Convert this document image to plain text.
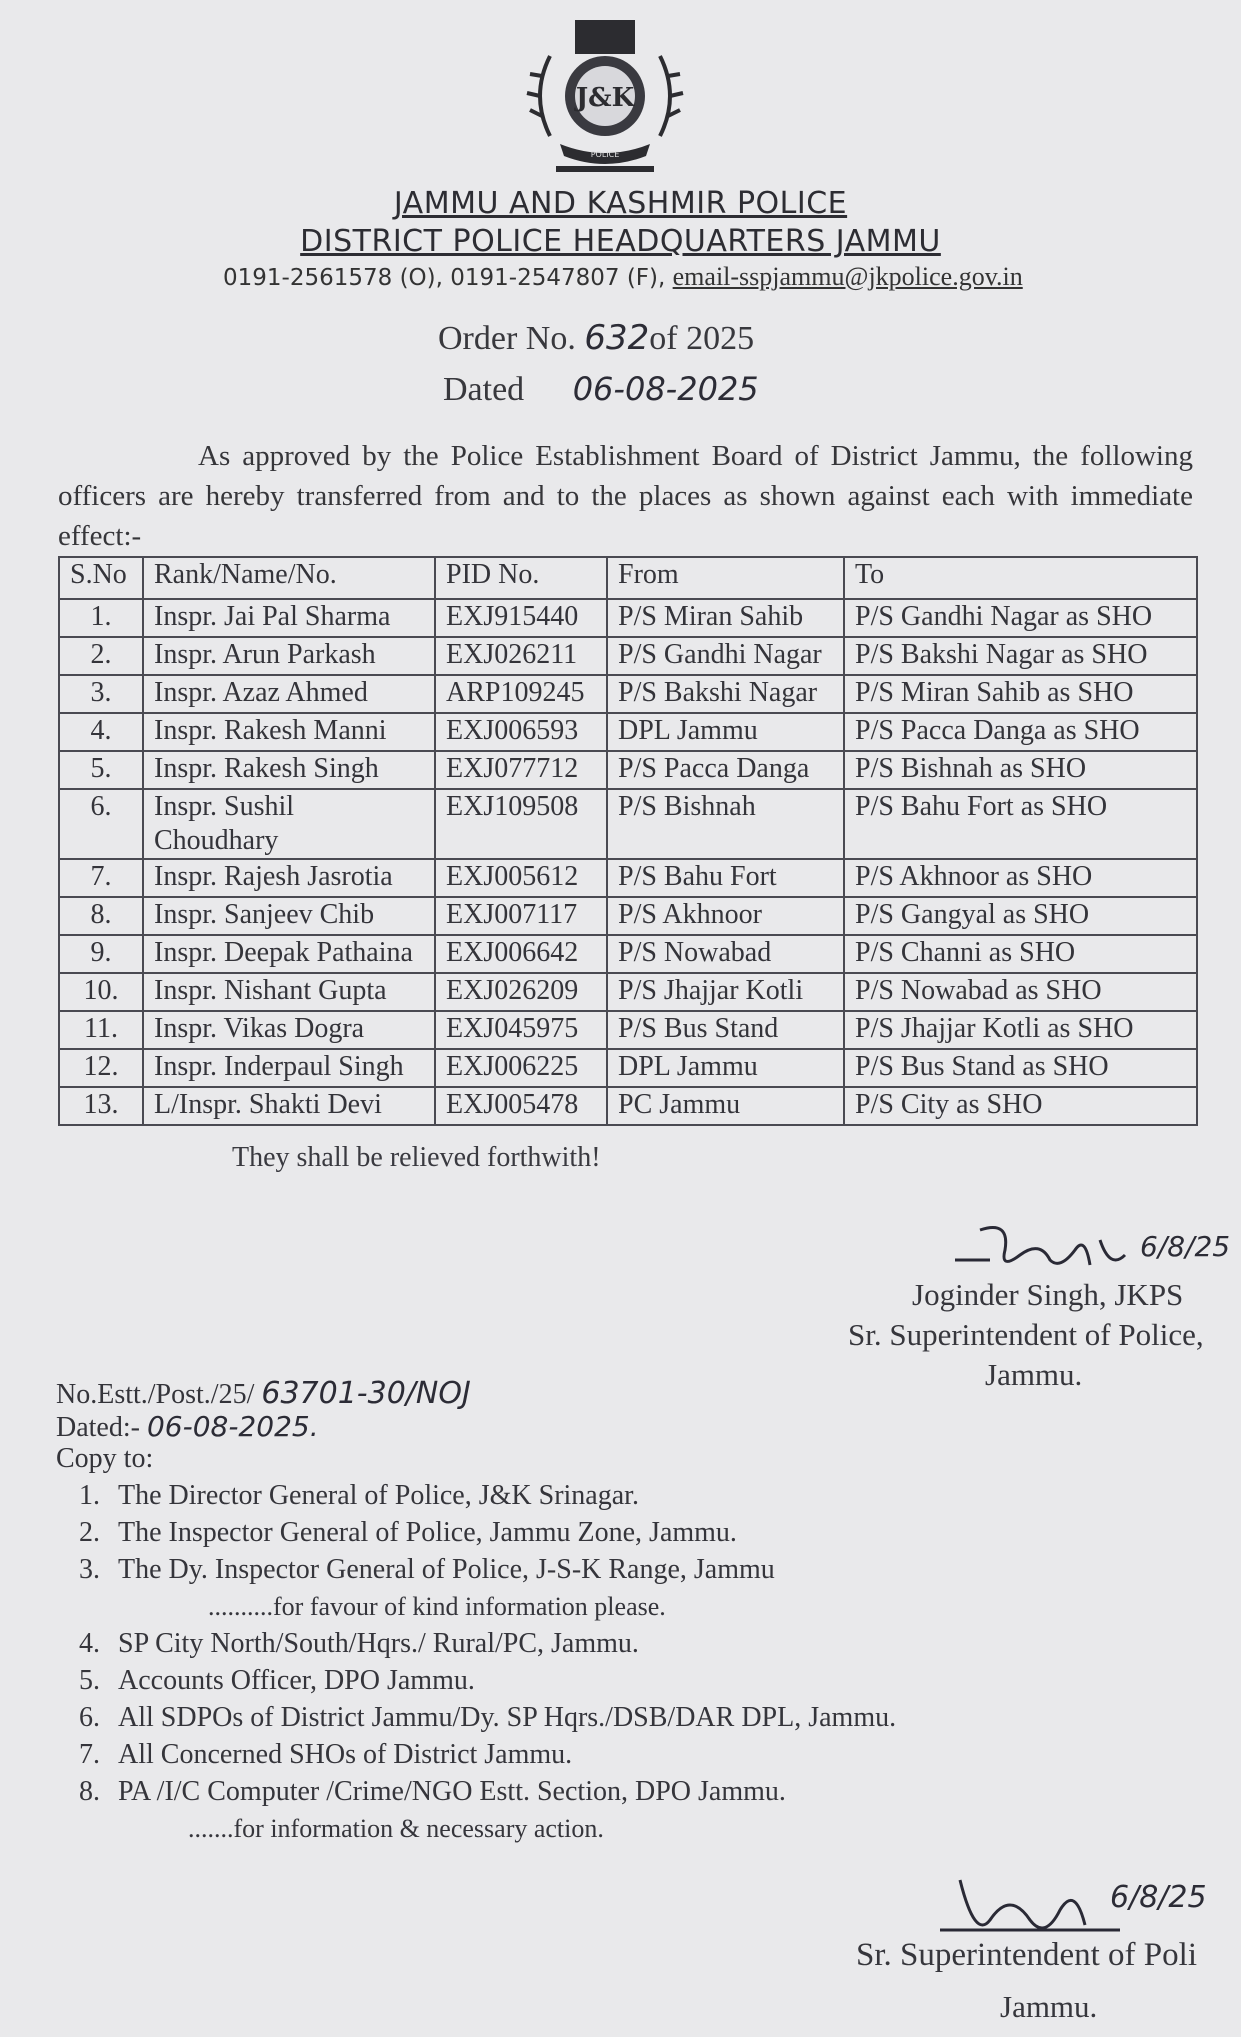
J&K
POLICE
JAMMU AND KASHMIR POLICE
DISTRICT POLICE HEADQUARTERS JAMMU
0191-2561578 (O), 0191-2547807 (F), email-sspjammu@jkpolice.gov.in
Order No. 632of 2025
Dated 06-08-2025

As approved by the Police Establishment Board of District Jammu, the following officers are hereby transferred from and to the places as shown against each with immediate effect:-

S.No	Rank/Name/No.	PID No.	From	To
1.	Inspr. Jai Pal Sharma	EXJ915440	P/S Miran Sahib	P/S Gandhi Nagar as SHO
2.	Inspr. Arun Parkash	EXJ026211	P/S Gandhi Nagar	P/S Bakshi Nagar as SHO
3.	Inspr. Azaz Ahmed	ARP109245	P/S Bakshi Nagar	P/S Miran Sahib as SHO
4.	Inspr. Rakesh Manni	EXJ006593	DPL Jammu	P/S Pacca Danga as SHO
5.	Inspr. Rakesh Singh	EXJ077712	P/S Pacca Danga	P/S Bishnah as SHO
6.	Inspr. Sushil Choudhary	EXJ109508	P/S Bishnah	P/S Bahu Fort as SHO
7.	Inspr. Rajesh Jasrotia	EXJ005612	P/S Bahu Fort	P/S Akhnoor as SHO
8.	Inspr. Sanjeev Chib	EXJ007117	P/S Akhnoor	P/S Gangyal as SHO
9.	Inspr. Deepak Pathaina	EXJ006642	P/S Nowabad	P/S Channi as SHO
10.	Inspr. Nishant Gupta	EXJ026209	P/S Jhajjar Kotli	P/S Nowabad as SHO
11.	Inspr. Vikas Dogra	EXJ045975	P/S Bus Stand	P/S Jhajjar Kotli as SHO
12.	Inspr. Inderpaul Singh	EXJ006225	DPL Jammu	P/S Bus Stand as SHO
13.	L/Inspr. Shakti Devi	EXJ005478	PC Jammu	P/S City as SHO
They shall be relieved forthwith!
6/8/25
Joginder Singh, JKPS
Sr. Superintendent of Police,
Jammu.
No.Estt./Post./25/ 63701-30/NOJ
Dated:- 06-08-2025.
Copy to:
1. The Director General of Police, J&K Srinagar.
2. The Inspector General of Police, Jammu Zone, Jammu.
3. The Dy. Inspector General of Police, J-S-K Range, Jammu
..........for favour of kind information please.
4. SP City North/South/Hqrs./ Rural/PC, Jammu.
5. Accounts Officer, DPO Jammu.
6. All SDPOs of District Jammu/Dy. SP Hqrs./DSB/DAR DPL, Jammu.
7. All Concerned SHOs of District Jammu.
8. PA /I/C Computer /Crime/NGO Estt. Section, DPO Jammu.
.......for information & necessary action.
6/8/25
Sr. Superintendent of Poli
Jammu.
